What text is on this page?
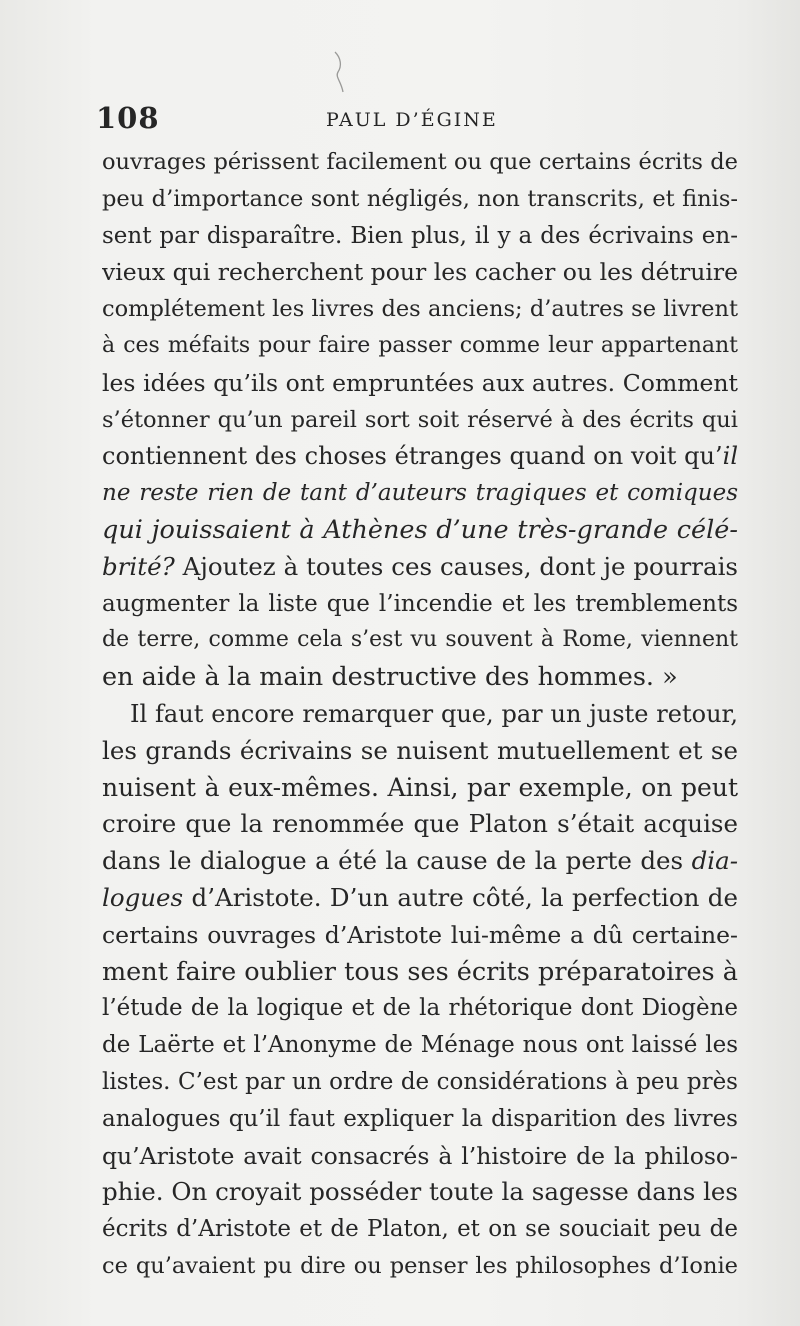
108	PAUL D’ÉGINE
ouvrages périssent facilement ou que certains écrits de
peu d’importance sont négligés, non transcrits, et finis-
sent par disparaître. Bien plus, il y a des écrivains en-
vieux qui recherchent pour les cacher ou les détruire
complétement les livres des anciens; d’autres se livrent
à ces méfaits pour faire passer comme leur appartenant
les idées qu’ils ont empruntées aux autres. Comment
s’étonner qu’un pareil sort soit réservé à des écrits qui
contiennent des choses étranges quand on voit qu’il
ne reste rien de tant d’auteurs tragiques et comiques
qui jouissaient à Athènes d’une très-grande célé-
brité? Ajoutez à toutes ces causes, dont je pourrais
augmenter la liste que l’incendie et les tremblements
de terre, comme cela s’est vu souvent à Rome, viennent
en aide à la main destructive des hommes. »
Il faut encore remarquer que, par un juste retour,
les grands écrivains se nuisent mutuellement et se
nuisent à eux-mêmes. Ainsi, par exemple, on peut
croire que la renommée que Platon s’était acquise
dans le dialogue a été la cause de la perte des dia-
logues d’Aristote. D’un autre côté, la perfection de
certains ouvrages d’Aristote lui-même a dû certaine-
ment faire oublier tous ses écrits préparatoires à
l’étude de la logique et de la rhétorique dont Diogène
de Laërte et l’Anonyme de Ménage nous ont laissé les
listes. C’est par un ordre de considérations à peu près
analogues qu’il faut expliquer la disparition des livres
qu’Aristote avait consacrés à l’histoire de la philoso-
phie. On croyait posséder toute la sagesse dans les
écrits d’Aristote et de Platon, et on se souciait peu de
ce qu’avaient pu dire ou penser les philosophes d’Ionie
